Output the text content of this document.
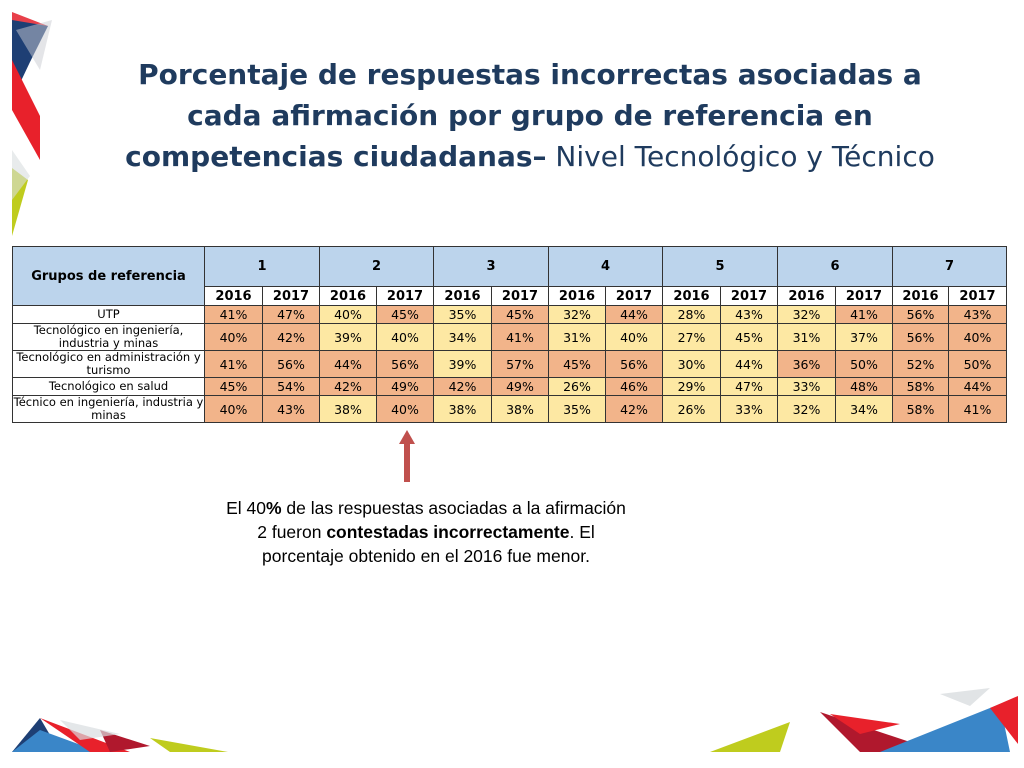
Porcentaje de respuestas incorrectas asociadas a cada afirmación por grupo de referencia en competencias ciudadanas– Nivel Tecnológico y Técnico
Grupos de referencia	1		2		3		4		5		6		7	
	2016	2017	2016	2017	2016	2017	2016	2017	2016	2017	2016	2017	2016	2017
UTP	41%	47%	40%	45%	35%	45%	32%	44%	28%	43%	32%	41%	56%	43%
Tecnológico en ingeniería, industria y minas	40%	42%	39%	40%	34%	41%	31%	40%	27%	45%	31%	37%	56%	40%
Tecnológico en administración y turismo	41%	56%	44%	56%	39%	57%	45%	56%	30%	44%	36%	50%	52%	50%
Tecnológico en salud	45%	54%	42%	49%	42%	49%	26%	46%	29%	47%	33%	48%	58%	44%
Técnico en ingeniería, industria y minas	40%	43%	38%	40%	38%	38%	35%	42%	26%	33%	32%	34%	58%	41%
El 40% de las respuestas asociadas a la afirmación 2 fueron contestadas incorrectamente. El porcentaje obtenido en el 2016 fue menor.
